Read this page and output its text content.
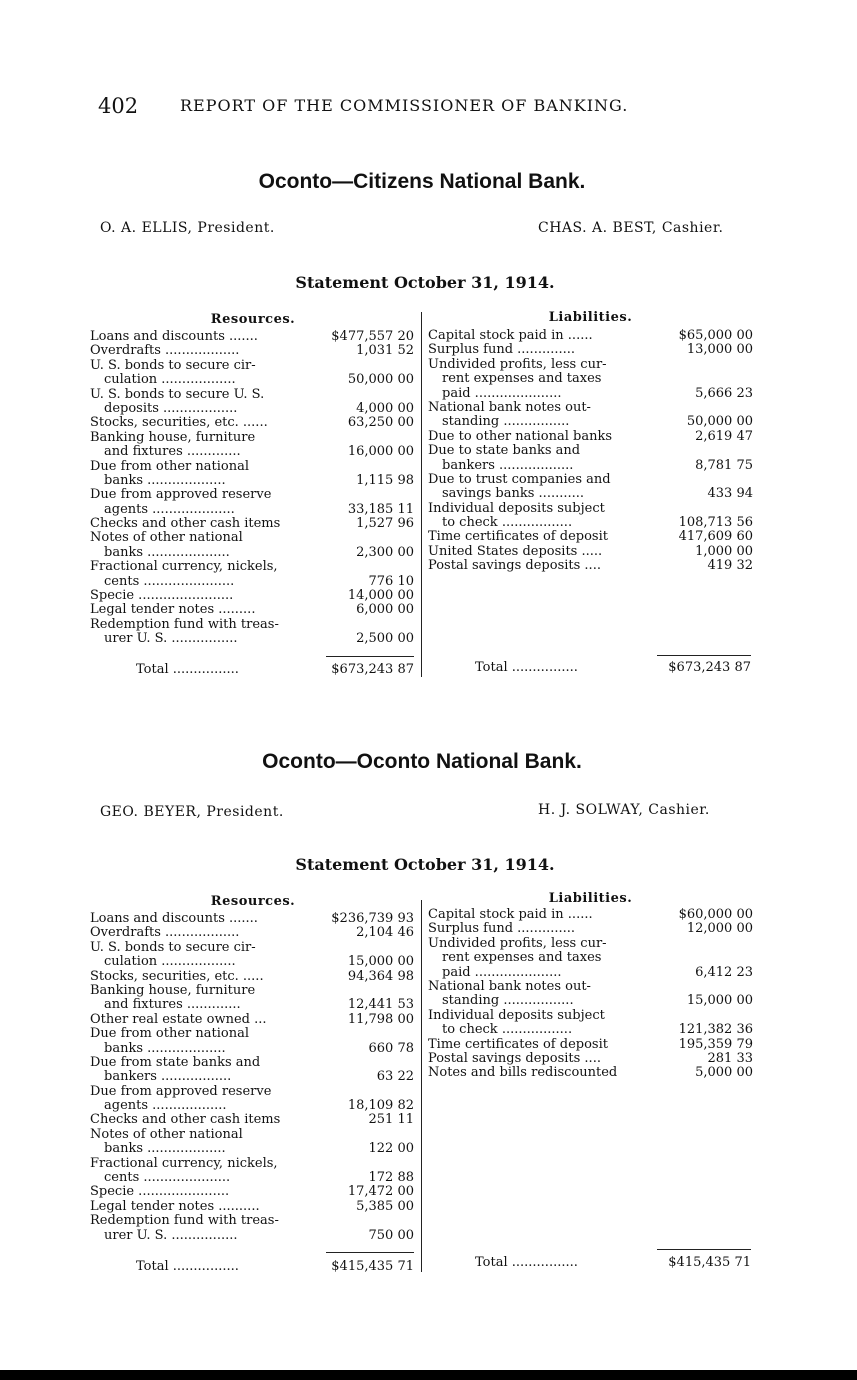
402	REPORT OF THE COMMISSIONER OF BANKING.
Oconto—Citizens National Bank.
O. A. ELLIS, President.	CHAS. A. BEST, Cashier.
Statement October 31, 1914.
Resources.	Liabilities.
Loans and discounts .......	$477,557 20
Overdrafts ..................	1,031 52
U. S. bonds to secure cir-
culation ..................	50,000 00
U. S. bonds to secure U. S.
deposits ..................	4,000 00
Stocks, securities, etc. ......	63,250 00
Banking house, furniture
and fixtures .............	16,000 00
Due from other national
banks ...................	1,115 98
Due from approved reserve
agents ....................	33,185 11
Checks and other cash items	1,527 96
Notes of other national
banks ....................	2,300 00
Fractional currency, nickels,
cents ......................	776 10
Specie .......................	14,000 00
Legal tender notes .........	6,000 00
Redemption fund with treas-
urer U. S. ................	2,500 00
Capital stock paid in ......	$65,000 00
Surplus fund ..............	13,000 00
Undivided profits, less cur-
rent expenses and taxes
paid .....................	5,666 23
National bank notes out-
standing ................	50,000 00
Due to other national banks	2,619 47
Due to state banks and
bankers ..................	8,781 75
Due to trust companies and
savings banks ...........	433 94
Individual deposits subject
to check .................	108,713 56
Time certificates of deposit	417,609 60
United States deposits .....	1,000 00
Postal savings deposits ....	419 32
Total ................	$673,243 87	Total ................	$673,243 87
Oconto—Oconto National Bank.
GEO. BEYER, President.	H. J. SOLWAY, Cashier.
Statement October 31, 1914.
Resources.	Liabilities.
Loans and discounts .......	$236,739 93
Overdrafts ..................	2,104 46
U. S. bonds to secure cir-
culation ..................	15,000 00
Stocks, securities, etc. .....	94,364 98
Banking house, furniture
and fixtures .............	12,441 53
Other real estate owned ...	11,798 00
Due from other national
banks ...................	660 78
Due from state banks and
bankers .................	63 22
Due from approved reserve
agents ..................	18,109 82
Checks and other cash items	251 11
Notes of other national
banks ...................	122 00
Fractional currency, nickels,
cents .....................	172 88
Specie ......................	17,472 00
Legal tender notes ..........	5,385 00
Redemption fund with treas-
urer U. S. ................	750 00
Capital stock paid in ......	$60,000 00
Surplus fund ..............	12,000 00
Undivided profits, less cur-
rent expenses and taxes
paid .....................	6,412 23
National bank notes out-
standing .................	15,000 00
Individual deposits subject
to check .................	121,382 36
Time certificates of deposit	195,359 79
Postal savings deposits ....	281 33
Notes and bills rediscounted	5,000 00
Total ................	$415,435 71	Total ................	$415,435 71
